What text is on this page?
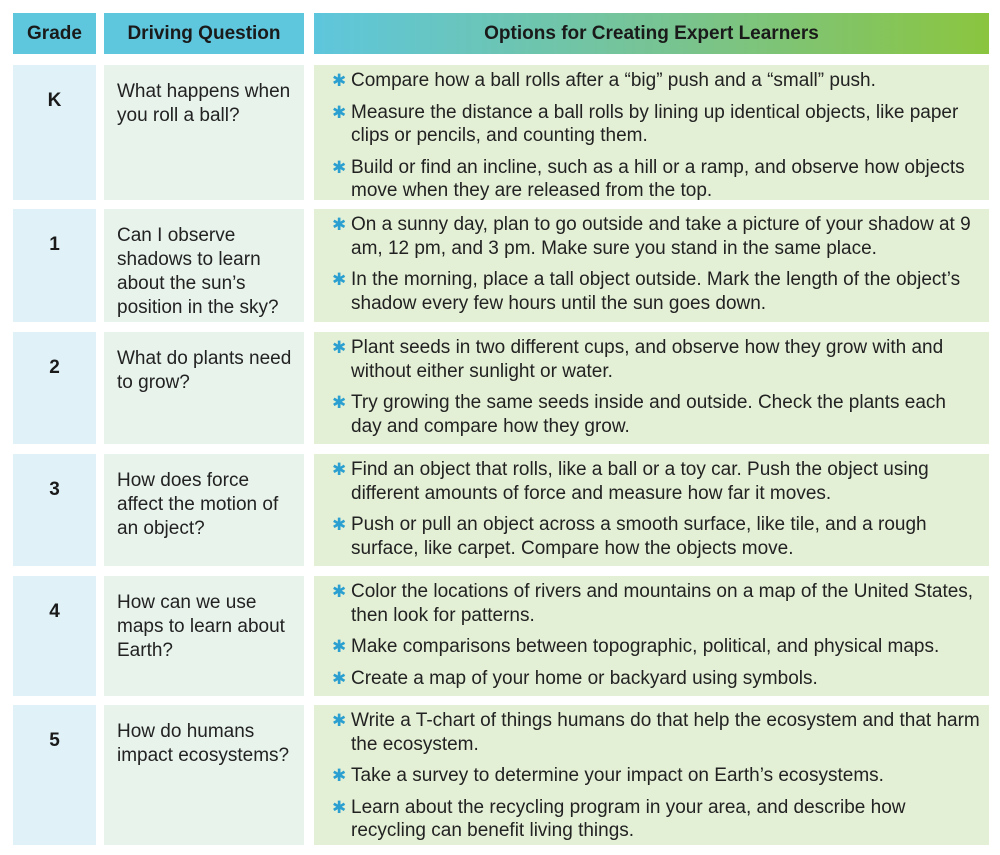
Grade	Driving Question	Options for Creating Expert Learners
K	What happens when you roll a ball?
✱ Compare how a ball rolls after a “big” push and a “small” push.
✱ Measure the distance a ball rolls by lining up identical objects, like paper clips or pencils, and counting them.
✱ Build or find an incline, such as a hill or a ramp, and observe how objects move when they are released from the top.
1	Can I observe shadows to learn about the sun’s position in the sky?
✱ On a sunny day, plan to go outside and take a picture of your shadow at 9 am, 12 pm, and 3 pm. Make sure you stand in the same place.
✱ In the morning, place a tall object outside. Mark the length of the object’s shadow every few hours until the sun goes down.
2	What do plants need to grow?
✱ Plant seeds in two different cups, and observe how they grow with and without either sunlight or water.
✱ Try growing the same seeds inside and outside. Check the plants each day and compare how they grow.
3	How does force affect the motion of an object?
✱ Find an object that rolls, like a ball or a toy car. Push the object using different amounts of force and measure how far it moves.
✱ Push or pull an object across a smooth surface, like tile, and a rough surface, like carpet. Compare how the objects move.
4	How can we use maps to learn about Earth?
✱ Color the locations of rivers and mountains on a map of the United States, then look for patterns.
✱ Make comparisons between topographic, political, and physical maps.
✱ Create a map of your home or backyard using symbols.
5	How do humans impact ecosystems?
✱ Write a T-chart of things humans do that help the ecosystem and that harm the ecosystem.
✱ Take a survey to determine your impact on Earth’s ecosystems.
✱ Learn about the recycling program in your area, and describe how recycling can benefit living things.
